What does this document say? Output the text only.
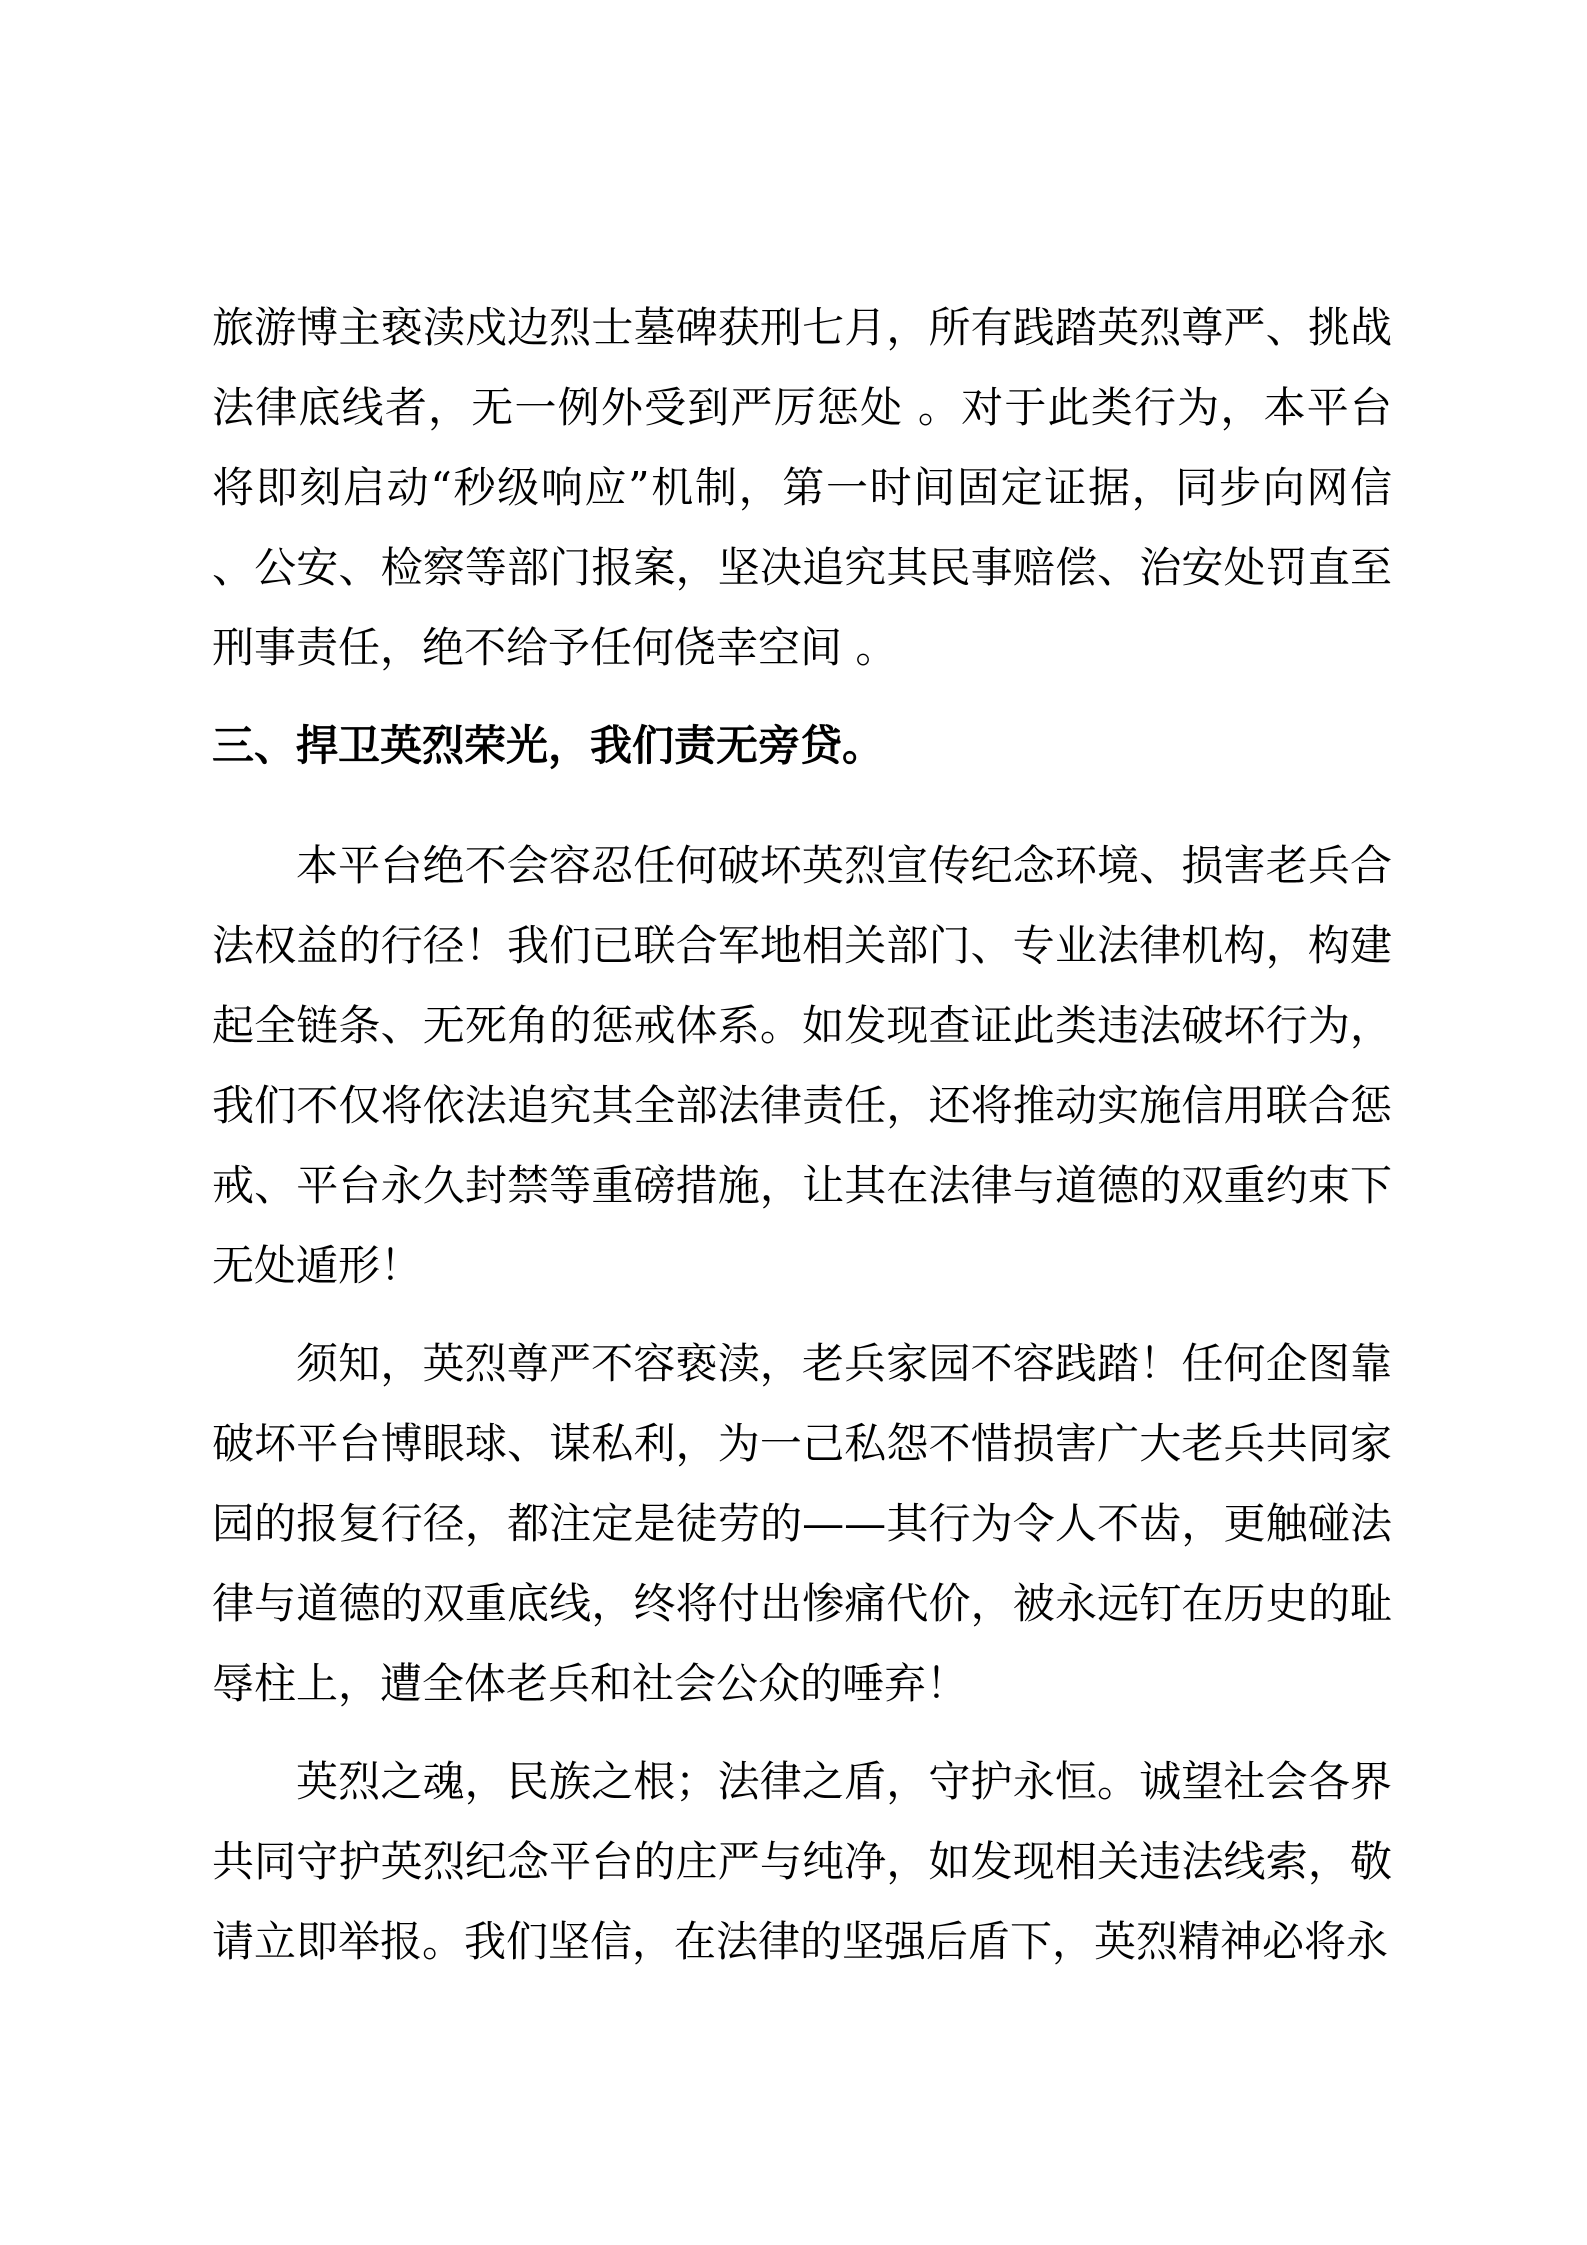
旅游博主亵渎戍边烈士墓碑获刑七月，所有践踏英烈尊严、挑战
法律底线者，无一例外受到严厉惩处 。对于此类行为，本平台
将即刻启动“秒级响应”机制，第一时间固定证据，同步向网信
、公安、检察等部门报案，坚决追究其民事赔偿、治安处罚直至
刑事责任，绝不给予任何侥幸空间 。

三、捍卫英烈荣光，我们责无旁贷。

本平台绝不会容忍任何破坏英烈宣传纪念环境、损害老兵合
法权益的行径！我们已联合军地相关部门、专业法律机构，构建
起全链条、无死角的惩戒体系。如发现查证此类违法破坏行为，
我们不仅将依法追究其全部法律责任，还将推动实施信用联合惩
戒、平台永久封禁等重磅措施，让其在法律与道德的双重约束下
无处遁形！

须知，英烈尊严不容亵渎，老兵家园不容践踏！任何企图靠
破坏平台博眼球、谋私利，为一己私怨不惜损害广大老兵共同家
园的报复行径，都注定是徒劳的——其行为令人不齿，更触碰法
律与道德的双重底线，终将付出惨痛代价，被永远钉在历史的耻
辱柱上，遭全体老兵和社会公众的唾弃！

英烈之魂，民族之根；法律之盾，守护永恒。诚望社会各界
共同守护英烈纪念平台的庄严与纯净，如发现相关违法线索，敬
请立即举报。我们坚信，在法律的坚强后盾下，英烈精神必将永
